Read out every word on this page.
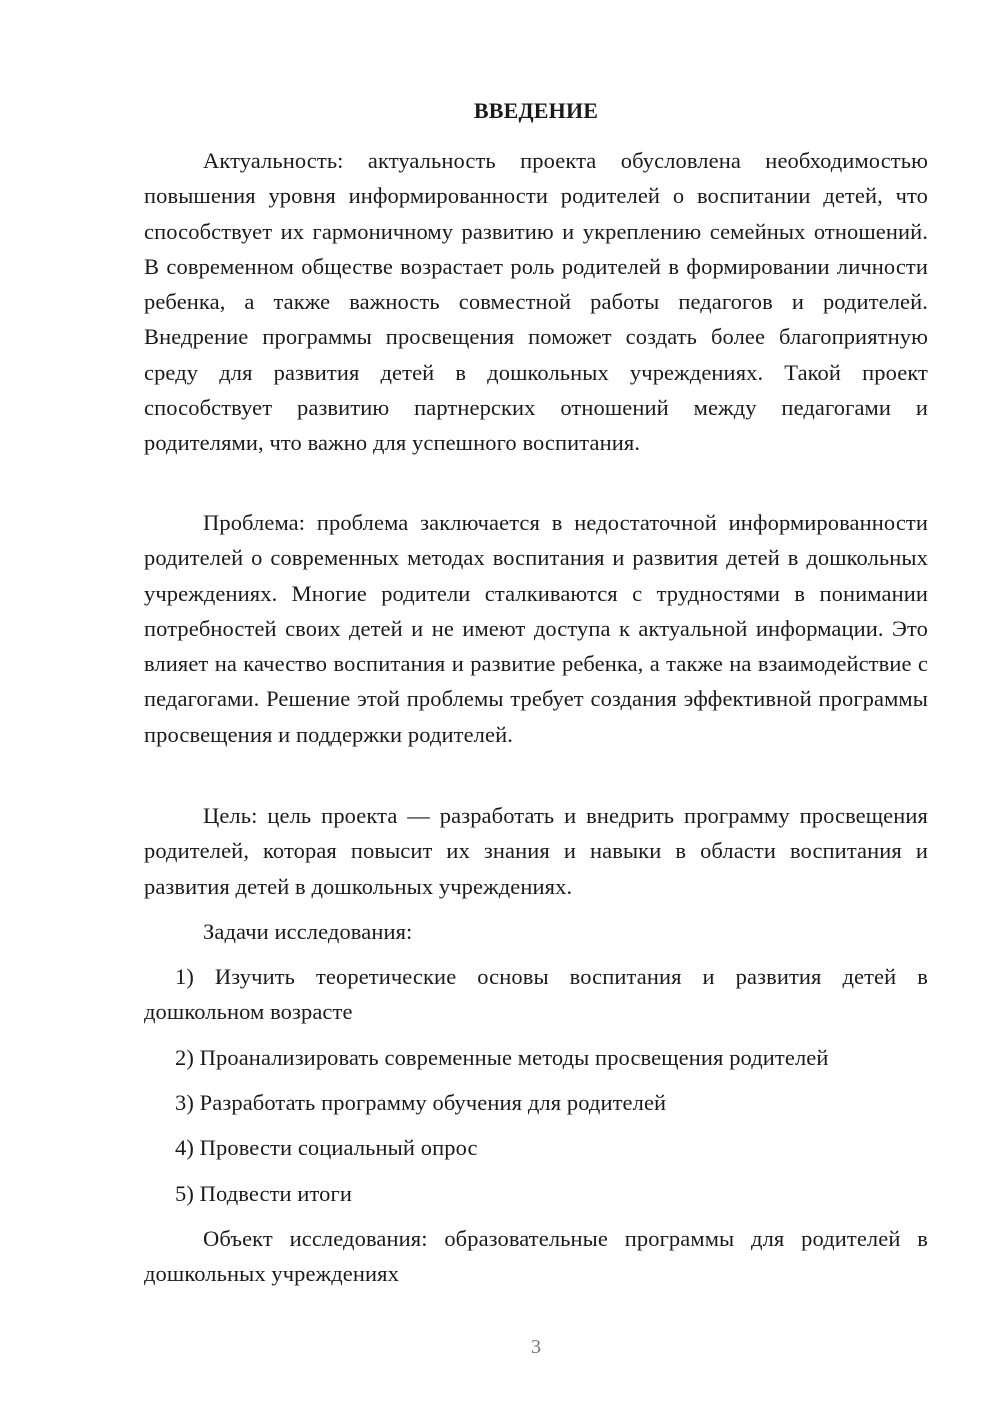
ВВЕДЕНИЕ

Актуальность: актуальность проекта обусловлена необходимостью повышения уровня информированности родителей о воспитании детей, что способствует их гармоничному развитию и укреплению семейных отношений. В современном обществе возрастает роль родителей в формировании личности ребенка, а также важность совместной работы педагогов и родителей. Внедрение программы просвещения поможет создать более благоприятную среду для развития детей в дошкольных учреждениях. Такой проект способствует развитию партнерских отношений между педагогами и родителями, что важно для успешного воспитания.

Проблема: проблема заключается в недостаточной информированности родителей о современных методах воспитания и развития детей в дошкольных учреждениях. Многие родители сталкиваются с трудностями в понимании потребностей своих детей и не имеют доступа к актуальной информации. Это влияет на качество воспитания и развитие ребенка, а также на взаимодействие с педагогами. Решение этой проблемы требует создания эффективной программы просвещения и поддержки родителей.

Цель: цель проекта — разработать и внедрить программу просвещения родителей, которая повысит их знания и навыки в области воспитания и развития детей в дошкольных учреждениях.

Задачи исследования:

1) Изучить теоретические основы воспитания и развития детей в дошкольном возрасте

2) Проанализировать современные методы просвещения родителей

3) Разработать программу обучения для родителей

4) Провести социальный опрос

5) Подвести итоги

Объект исследования: образовательные программы для родителей в дошкольных учреждениях

3
